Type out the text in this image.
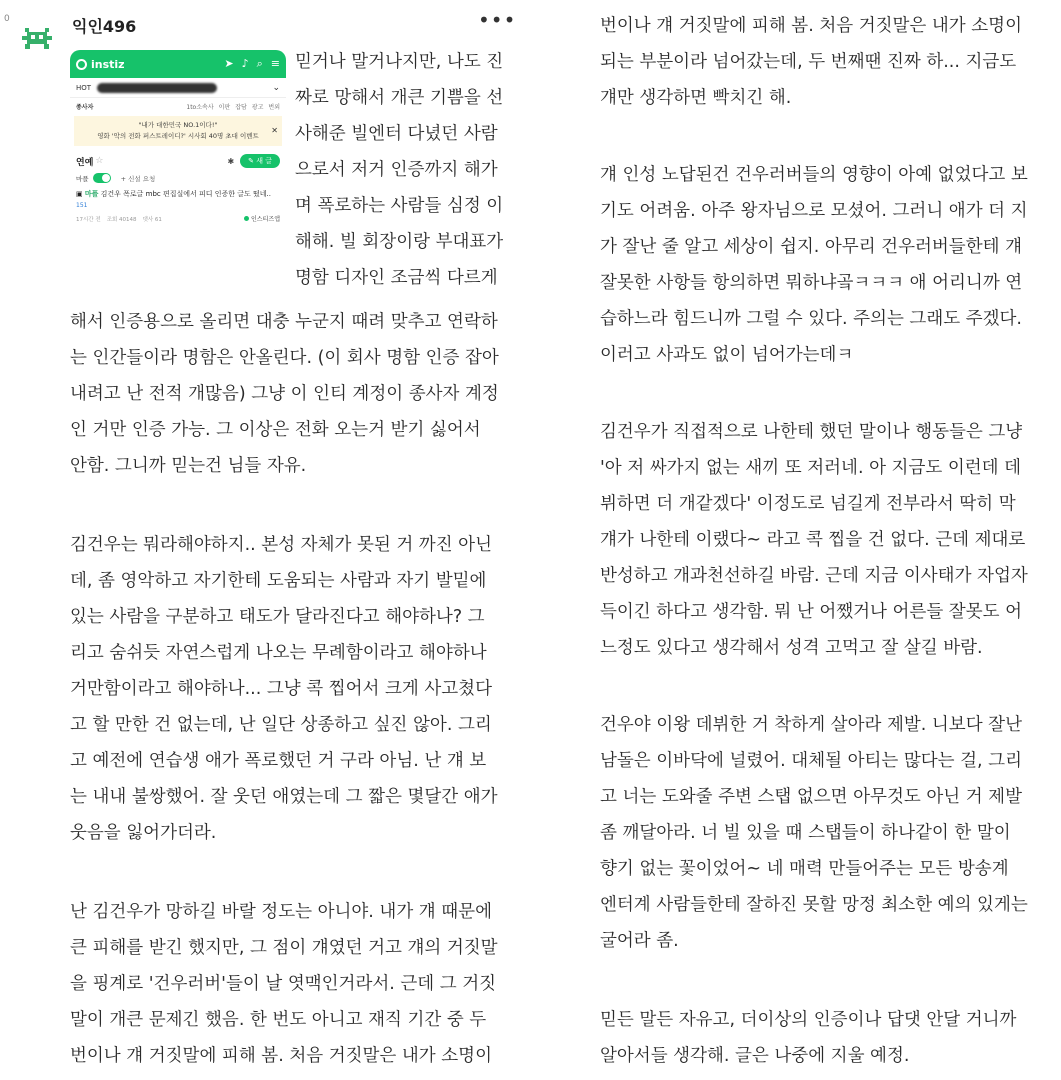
0	익인496	•••
instiz	➤ ♪ ⌕ ≡
HOT	⌄
종사자	1to소속사 이판 잡담 광고 번외
"내가 대한민국 NO.1이다!"
영화 '악의 전화 퍼스트레이디?' 시사회 40명 초대 이벤트
✕
연예 ☆	✱	✎ 새 글
마플	+ 신설 요청
▣ 마플 김건우 폭로글 mbc 편집실에서 피디 인증한 글도 떴네.. 151
17시간 전 조회 40148 댓사 61	인스티즈앱
믿거나 말거나지만, 나도 진
짜로 망해서 개큰 기쁨을 선
사해준 빌엔터 다녔던 사람
으로서 저거 인증까지 해가
며 폭로하는 사람들 심정 이
해해. 빌 회장이랑 부대표가
명함 디자인 조금씩 다르게
해서 인증용으로 올리면 대충 누군지 때려 맞추고 연락하
는 인간들이라 명함은 안올린다. (이 회사 명함 인증 잡아
내려고 난 전적 개많음) 그냥 이 인티 계정이 종사자 계정
인 거만 인증 가능. 그 이상은 전화 오는거 받기 싫어서
안함. 그니까 믿는건 님들 자유.
김건우는 뭐라해야하지.. 본성 자체가 못된 거 까진 아닌
데, 좀 영악하고 자기한테 도움되는 사람과 자기 발밑에
있는 사람을 구분하고 태도가 달라진다고 해야하나? 그
리고 숨쉬듯 자연스럽게 나오는 무례함이라고 해야하나
거만함이라고 해야하나... 그냥 콕 찝어서 크게 사고쳤다
고 할 만한 건 없는데, 난 일단 상종하고 싶진 않아. 그리
고 예전에 연습생 애가 폭로했던 거 구라 아님. 난 걔 보
는 내내 불쌍했어. 잘 웃던 애였는데 그 짧은 몇달간 애가
웃음을 잃어가더라.
난 김건우가 망하길 바랄 정도는 아니야. 내가 걔 때문에
큰 피해를 받긴 했지만, 그 점이 걔였던 거고 걔의 거짓말
을 핑계로 '건우러버'들이 날 엿맥인거라서. 근데 그 거짓
말이 개큰 문제긴 했음. 한 번도 아니고 재직 기간 중 두
번이나 걔 거짓말에 피해 봄. 처음 거짓말은 내가 소명이
번이나 걔 거짓말에 피해 봄. 처음 거짓말은 내가 소명이
되는 부분이라 넘어갔는데, 두 번째땐 진짜 하... 지금도
걔만 생각하면 빡치긴 해.
걔 인성 노답된건 건우러버들의 영향이 아예 없었다고 보
기도 어려움. 아주 왕자님으로 모셨어. 그러니 애가 더 지
가 잘난 줄 알고 세상이 쉽지. 아무리 건우러버들한테 걔
잘못한 사항들 항의하면 뭐하냐곸ㅋㅋㅋ 애 어리니까 연
습하느라 힘드니까 그럴 수 있다. 주의는 그래도 주겠다.
이러고 사과도 없이 넘어가는데ㅋ
김건우가 직접적으로 나한테 했던 말이나 행동들은 그냥
'아 저 싸가지 없는 새끼 또 저러네. 아 지금도 이런데 데
뷔하면 더 개같겠다' 이정도로 넘길게 전부라서 딱히 막
걔가 나한테 이랬다~ 라고 콕 찝을 건 없다. 근데 제대로
반성하고 개과천선하길 바람. 근데 지금 이사태가 자업자
득이긴 하다고 생각함. 뭐 난 어쨌거나 어른들 잘못도 어
느정도 있다고 생각해서 성격 고먹고 잘 살길 바람.
건우야 이왕 데뷔한 거 착하게 살아라 제발. 니보다 잘난
남돌은 이바닥에 널렸어. 대체될 아티는 많다는 걸, 그리
고 너는 도와줄 주변 스탭 없으면 아무것도 아닌 거 제발
좀 깨달아라. 너 빌 있을 때 스탭들이 하나같이 한 말이
향기 없는 꽃이었어~ 네 매력 만들어주는 모든 방송계
엔터계 사람들한테 잘하진 못할 망정 최소한 예의 있게는
굴어라 좀.
믿든 말든 자유고, 더이상의 인증이나 답댓 안달 거니까
알아서들 생각해. 글은 나중에 지울 예정.
